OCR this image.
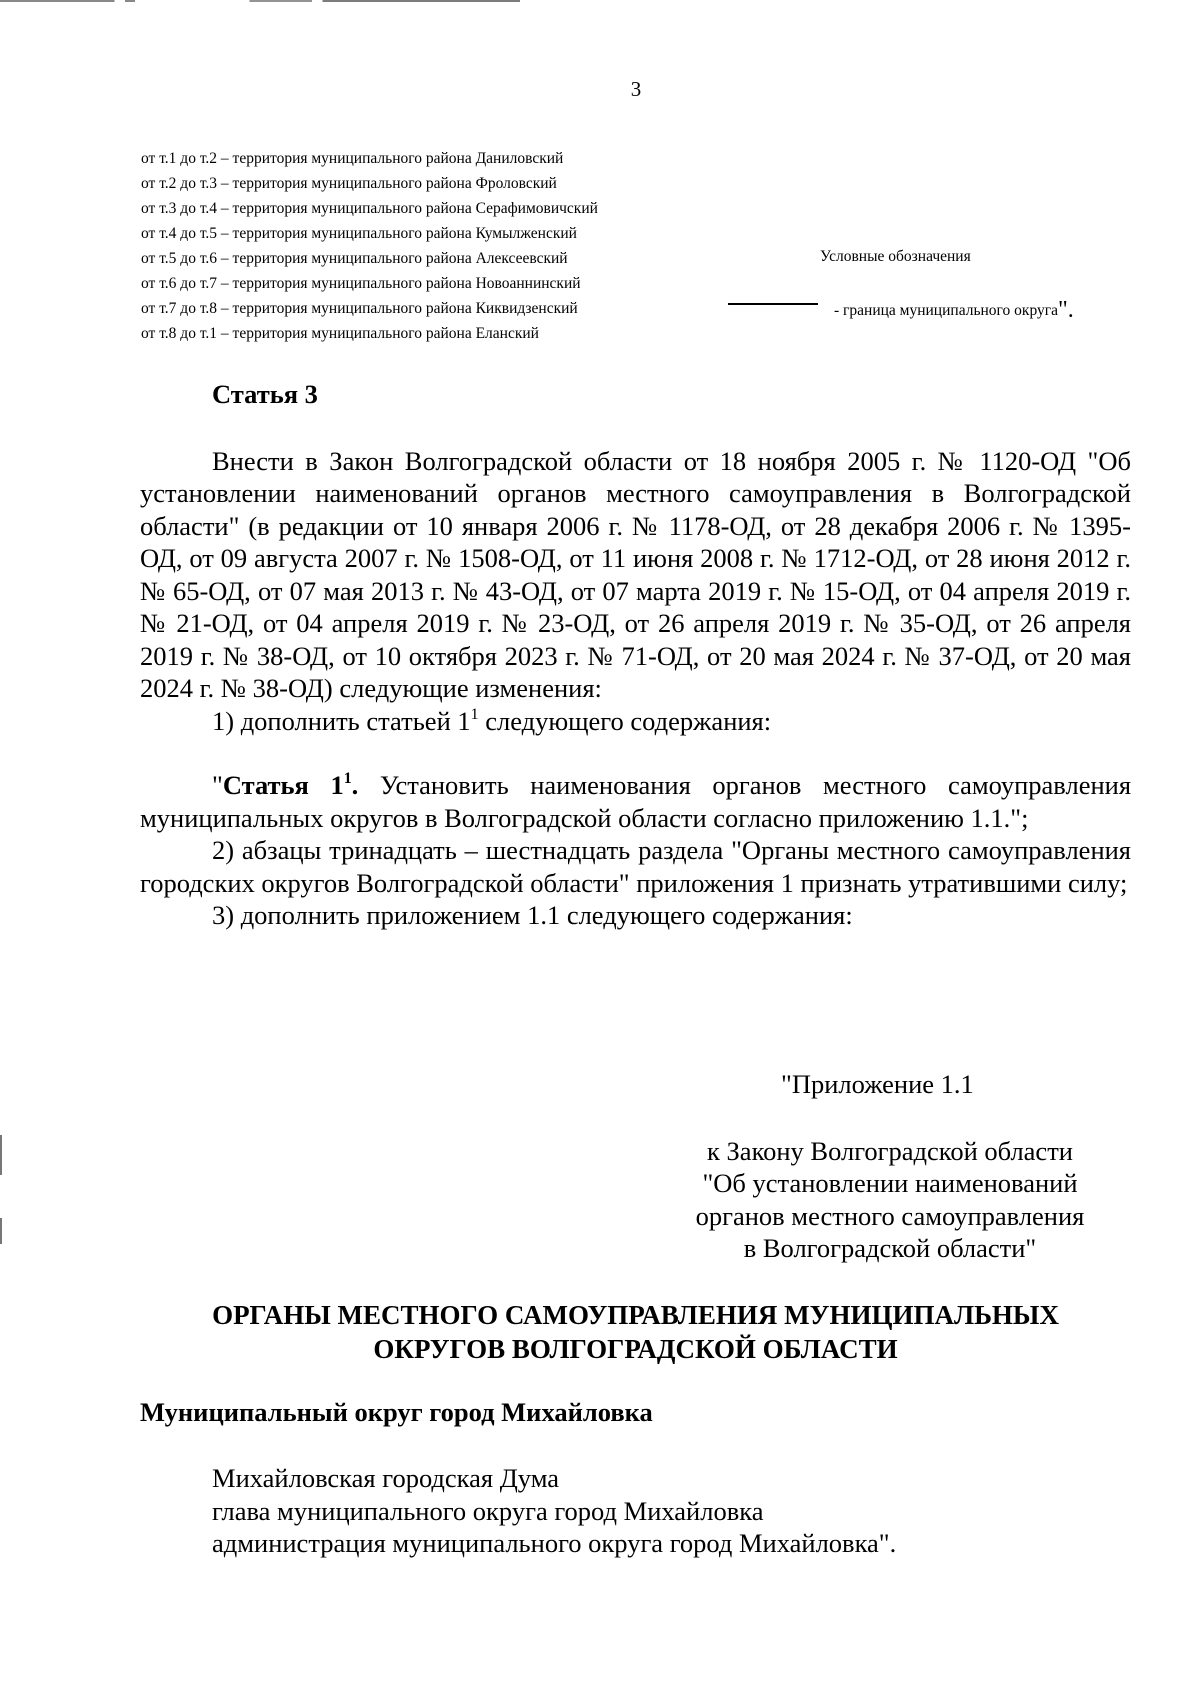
3
от т.1 до т.2 – территория муниципального района Даниловский
от т.2 до т.3 – территория муниципального района Фроловский
от т.3 до т.4 – территория муниципального района Серафимовичский
от т.4 до т.5 – территория муниципального района Кумылженский
от т.5 до т.6 – территория муниципального района Алексеевский
от т.6 до т.7 – территория муниципального района Новоаннинский
от т.7 до т.8 – территория муниципального района Киквидзенский
от т.8 до т.1 – территория муниципального района Еланский
Условные обозначения
- граница муниципального округа".

Статья 3

Внести в Закон Волгоградской области от 18 ноября 2005 г. № 1120-ОД "Об установлении наименований органов местного самоуправления в Волгоградской области" (в редакции от 10 января 2006 г. № 1178-ОД, от 28 декабря 2006 г. № 1395-ОД, от 09 августа 2007 г. № 1508-ОД, от 11 июня 2008 г. № 1712-ОД, от 28 июня 2012 г. № 65-ОД, от 07 мая 2013 г. № 43-ОД, от 07 марта 2019 г. № 15-ОД, от 04 апреля 2019 г. № 21-ОД, от 04 апреля 2019 г. № 23-ОД, от 26 апреля 2019 г. № 35-ОД, от 26 апреля 2019 г. № 38-ОД, от 10 октября 2023 г. № 71-ОД, от 20 мая 2024 г. № 37-ОД, от 20 мая 2024 г. № 38-ОД) следующие изменения:

1) дополнить статьей $1^1$ следующего содержания:

"Статья $1^1$. Установить наименования органов местного самоуправления муниципальных округов в Волгоградской области согласно приложению 1.1.";

2) абзацы тринадцать – шестнадцать раздела "Органы местного самоуправления городских округов Волгоградской области" приложения 1 признать утратившими силу;

3) дополнить приложением 1.1 следующего содержания:

"Приложение 1.1
к Закону Волгоградской области
"Об установлении наименований
органов местного самоуправления
в Волгоградской области"
ОРГАНЫ МЕСТНОГО САМОУПРАВЛЕНИЯ МУНИЦИПАЛЬНЫХ
ОКРУГОВ ВОЛГОГРАДСКОЙ ОБЛАСТИ
Муниципальный округ город Михайловка
Михайловская городская Дума
глава муниципального округа город Михайловка
администрация муниципального округа город Михайловка".
